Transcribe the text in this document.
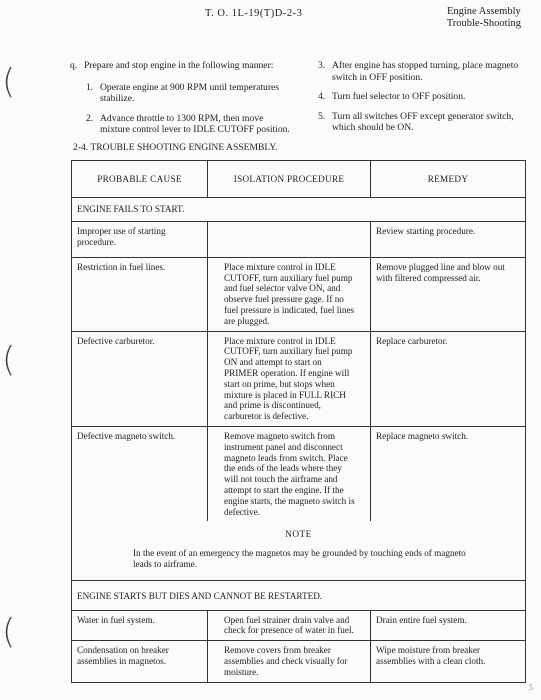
T. O. 1L-19(T)D-2-3	Engine Assembly
Trouble-Shooting
(
(
(
q. Prepare and stop engine in the following manner:
1. Operate engine at 900 RPM until temperatures stabilize.
2. Advance throttle to 1300 RPM, then move mixture control lever to IDLE CUTOFF position.
3. After engine has stopped turning, place magneto switch in OFF position.
4. Turn fuel selector to OFF position.
5. Turn all switches OFF except generator switch, which should be ON.
2-4. TROUBLE SHOOTING ENGINE ASSEMBLY.
PROBABLE CAUSE	ISOLATION PROCEDURE	REMEDY
ENGINE FAILS TO START.		
Improper use of starting procedure.		Review starting procedure.
Restriction in fuel lines.	Place mixture control in IDLE CUTOFF, turn auxiliary fuel pump and fuel selector valve ON, and observe fuel pressure gage. If no fuel pressure is indicated, fuel lines are plugged.	Remove plugged line and blow out with filtered compressed air.
Defective carburetor.	Place mixture control in IDLE CUTOFF, turn auxiliary fuel pump ON and attempt to start on PRIMER operation. If engine will start on prime, but stops when mixture is placed in FULL RICH and prime is discontinued, carburetor is defective.	Replace carburetor.
Defective magneto switch.	Remove magneto switch from instrument panel and disconnect magneto leads from switch. Place the ends of the leads where they will not touch the airframe and attempt to start the engine. If the engine starts, the magneto switch is defective.	Replace magneto switch.

NOTE
In the event of an emergency the magnetos may be grounded by touching ends of magneto leads to airframe.		

ENGINE STARTS BUT DIES AND CANNOT BE RESTARTED.		
Water in fuel system.	Open fuel strainer drain valve and check for presence of water in fuel.	Drain entire fuel system.
Condensation on breaker assemblies in magnetos.	Remove covers from breaker assemblies and check visually for moisture.	Wipe moisture from breaker assemblies with a clean cloth.
5
